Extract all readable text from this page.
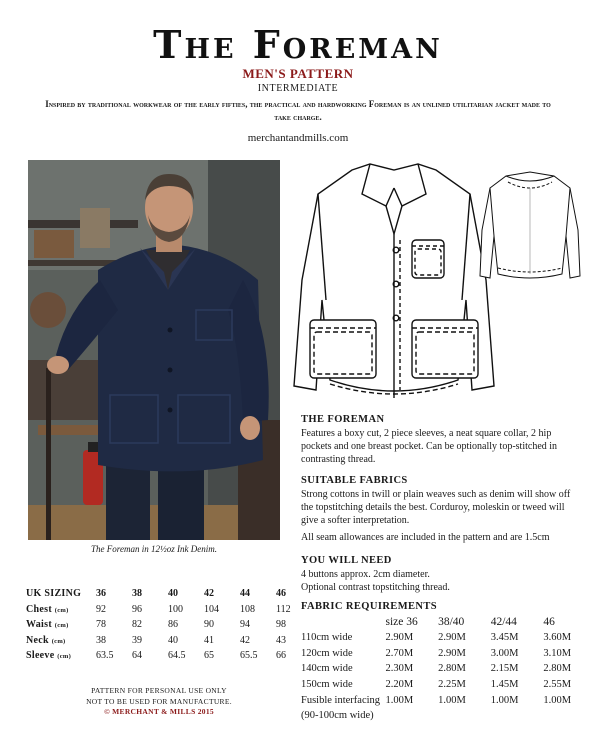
The Foreman
MEN'S PATTERN
INTERMEDIATE
Inspired by traditional workwear of the early fifties, the practical and hardworking Foreman is an unlined utilitarian jacket made to take charge.
merchantandmills.com
The Foreman in 12½oz Ink Denim.
UK SIZING	36	38	40	42	44	46
Chest (cm)	92	96	100	104	108	112
Waist (cm)	78	82	86	90	94	98
Neck (cm)	38	39	40	41	42	43
Sleeve (cm)	63.5	64	64.5	65	65.5	66
PATTERN FOR PERSONAL USE ONLY
NOT TO BE USED FOR MANUFACTURE.
© MERCHANT & MILLS 2015
THE FOREMAN

Features a boxy cut, 2 piece sleeves, a neat square collar, 2 hip pockets and one breast pocket. Can be optionally top-stitched in contrasting thread.

SUITABLE FABRICS

Strong cottons in twill or plain weaves such as denim will show off the topstitching details the best. Corduroy, moleskin or tweed will give a softer interpretation.

All seam allowances are included in the pattern and are 1.5cm

YOU WILL NEED
4 buttons approx. 2cm diameter.
Optional contrast topstitching thread.
FABRIC REQUIREMENTS
	size 36	38/40	42/44	46
110cm wide	2.90M	2.90M	3.45M	3.60M
120cm wide	2.70M	2.90M	3.00M	3.10M
140cm wide	2.30M	2.80M	2.15M	2.80M
150cm wide	2.20M	2.25M	1.45M	2.55M
Fusible interfacing	1.00M	1.00M	1.00M	1.00M
(90-100cm wide)				
